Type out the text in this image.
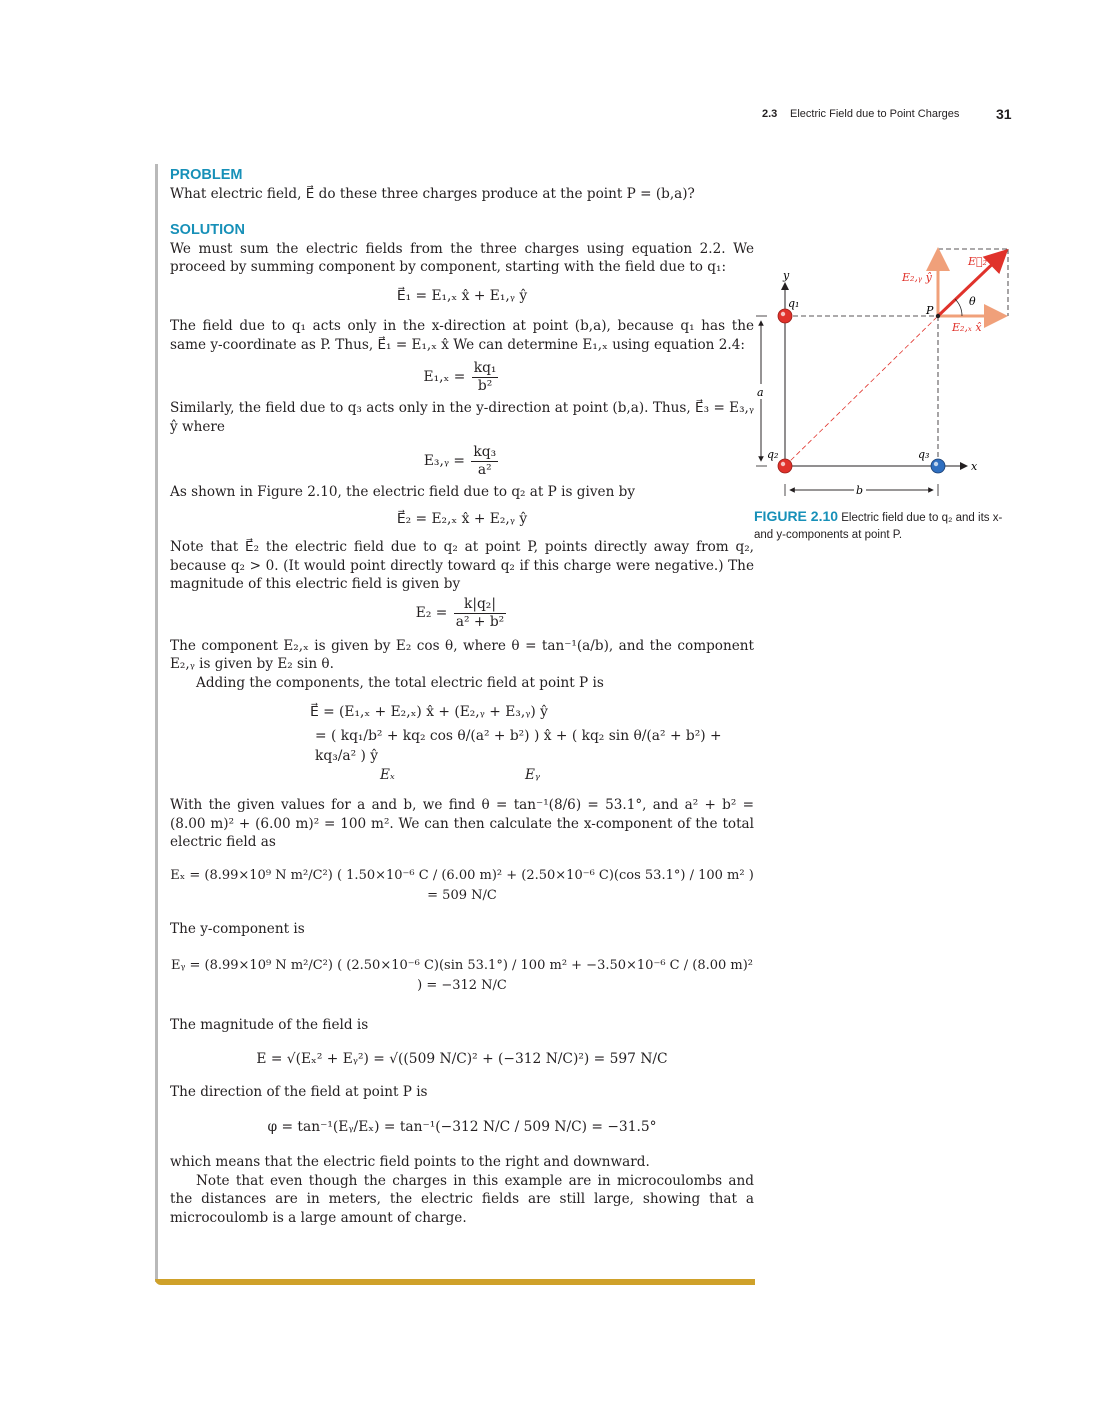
2.3 Electric Field due to Point Charges	31
PROBLEM

What electric field, E⃗ do these three charges produce at the point P = (b,a)?

SOLUTION

We must sum the electric fields from the three charges using equation 2.2. We proceed by summing component by component, starting with the field due to q₁:

E⃗₁ = E₁,ₓ x̂ + E₁,ᵧ ŷ

The field due to q₁ acts only in the x-direction at point (b,a), because q₁ has the same y-coordinate as P. Thus, E⃗₁ = E₁,ₓ x̂ We can determine E₁,ₓ using equation 2.4:

$E_1,_x = \frac{\text{kq₁}}{\text{b²}}$

Similarly, the field due to q₃ acts only in the y-direction at point (b,a). Thus, E⃗₃ = E₃,ᵧ ŷ where

E₃,ᵧ = $\frac{\text{kq₃}}{\text{a²}}$

As shown in Figure 2.10, the electric field due to q₂ at P is given by

E⃗₂ = E₂,ₓ x̂ + E₂,ᵧ ŷ

Note that E⃗₂ the electric field due to q₂ at point P, points directly away from q₂, because q₂ > 0. (It would point directly toward q₂ if this charge were negative.) The magnitude of this electric field is given by

$E_2 = \frac{\text{k|q₂|}}{\text{a² + b²}}$

The component E₂,ₓ is given by E₂ cos θ, where θ = tan⁻¹(a/b), and the component E₂,ᵧ is given by E₂ sin θ.

Adding the components, the total electric field at point P is

E⃗ = (E₁,ₓ + E₂,ₓ) x̂ + (E₂,ᵧ + E₃,ᵧ) ŷ
= ( kq₁/b² + kq₂ cos θ/(a² + b²) ) x̂ + ( kq₂ sin θ/(a² + b²) + kq₃/a² ) ŷ
Eₓ	Eᵧ

With the given values for a and b, we find θ = tan⁻¹(8/6) = 53.1°, and a² + b² = (8.00 m)² + (6.00 m)² = 100 m². We can then calculate the x-component of the total electric field as

Eₓ = (8.99×10⁹ N m²/C²) ( 1.50×10⁻⁶ C / (6.00 m)² + (2.50×10⁻⁶ C)(cos 53.1°) / 100 m² ) = 509 N/C

The y-component is

Eᵧ = (8.99×10⁹ N m²/C²) ( (2.50×10⁻⁶ C)(sin 53.1°) / 100 m² + −3.50×10⁻⁶ C / (8.00 m)² ) = −312 N/C

The magnitude of the field is

E = √(Eₓ² + Eᵧ²) = √((509 N/C)² + (−312 N/C)²) = 597 N/C

The direction of the field at point P is

φ = tan⁻¹(Eᵧ/Eₓ) = tan⁻¹(−312 N/C / 509 N/C) = −31.5°

which means that the electric field points to the right and downward.

Note that even though the charges in this example are in microcoulombs and the distances are in meters, the electric fields are still large, showing that a microcoulomb is a large amount of charge.

y
x
a
b
θ
E₂,ᵧ ŷ
E₂,ₓ x̂
E⃗₂
P
q₁
q₂	q₃
FIGURE 2.10 Electric field due to q₂ and its x- and y-components at point P.
